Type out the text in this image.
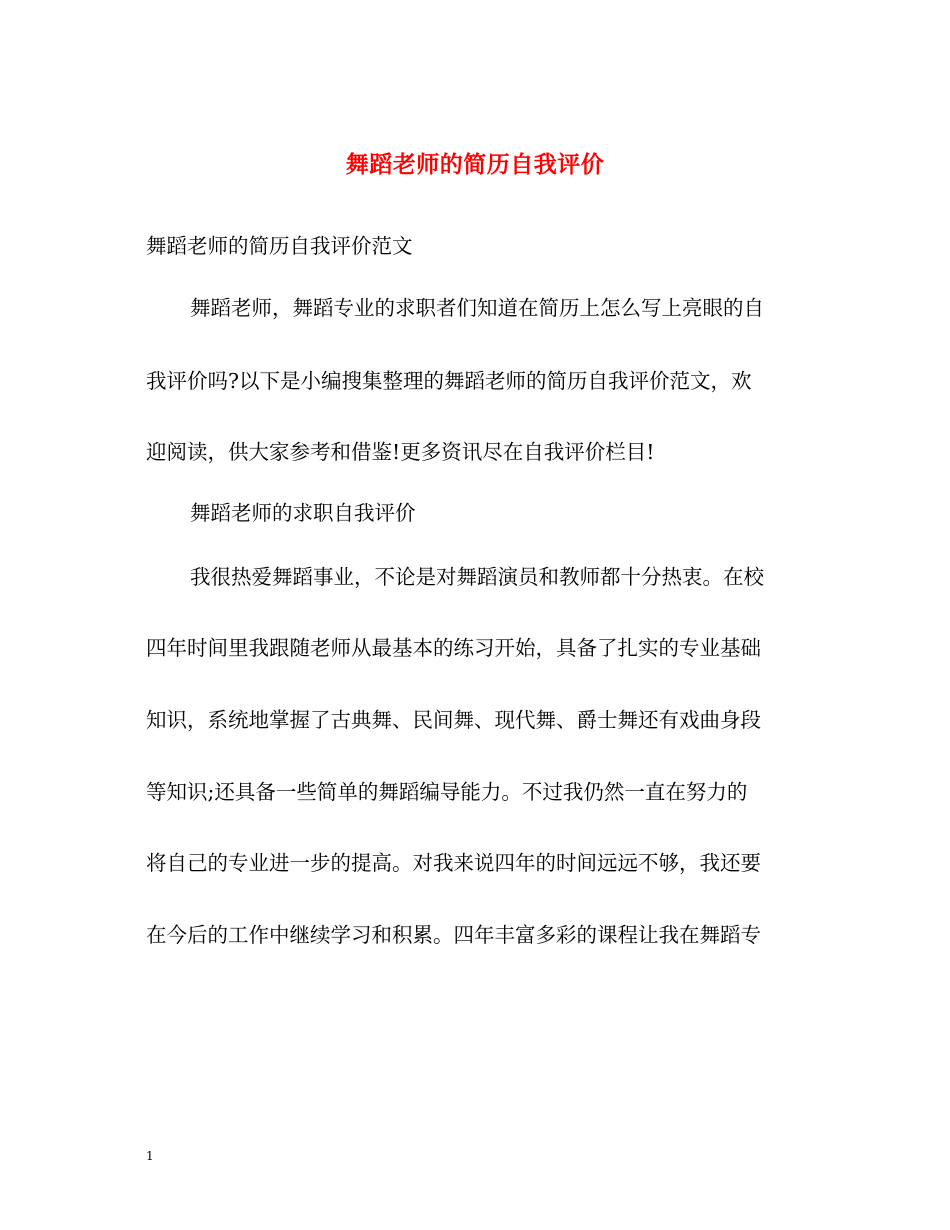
舞蹈老师的简历自我评价
舞蹈老师的简历自我评价范文
舞蹈老师，舞蹈专业的求职者们知道在简历上怎么写上亮眼的自
我评价吗?以下是小编搜集整理的舞蹈老师的简历自我评价范文，欢
迎阅读，供大家参考和借鉴!更多资讯尽在自我评价栏目!
舞蹈老师的求职自我评价
我很热爱舞蹈事业，不论是对舞蹈演员和教师都十分热衷。在校
四年时间里我跟随老师从最基本的练习开始，具备了扎实的专业基础
知识，系统地掌握了古典舞、民间舞、现代舞、爵士舞还有戏曲身段
等知识;还具备一些简单的舞蹈编导能力。不过我仍然一直在努力的
将自己的专业进一步的提高。对我来说四年的时间远远不够，我还要
在今后的工作中继续学习和积累。四年丰富多彩的课程让我在舞蹈专
1
